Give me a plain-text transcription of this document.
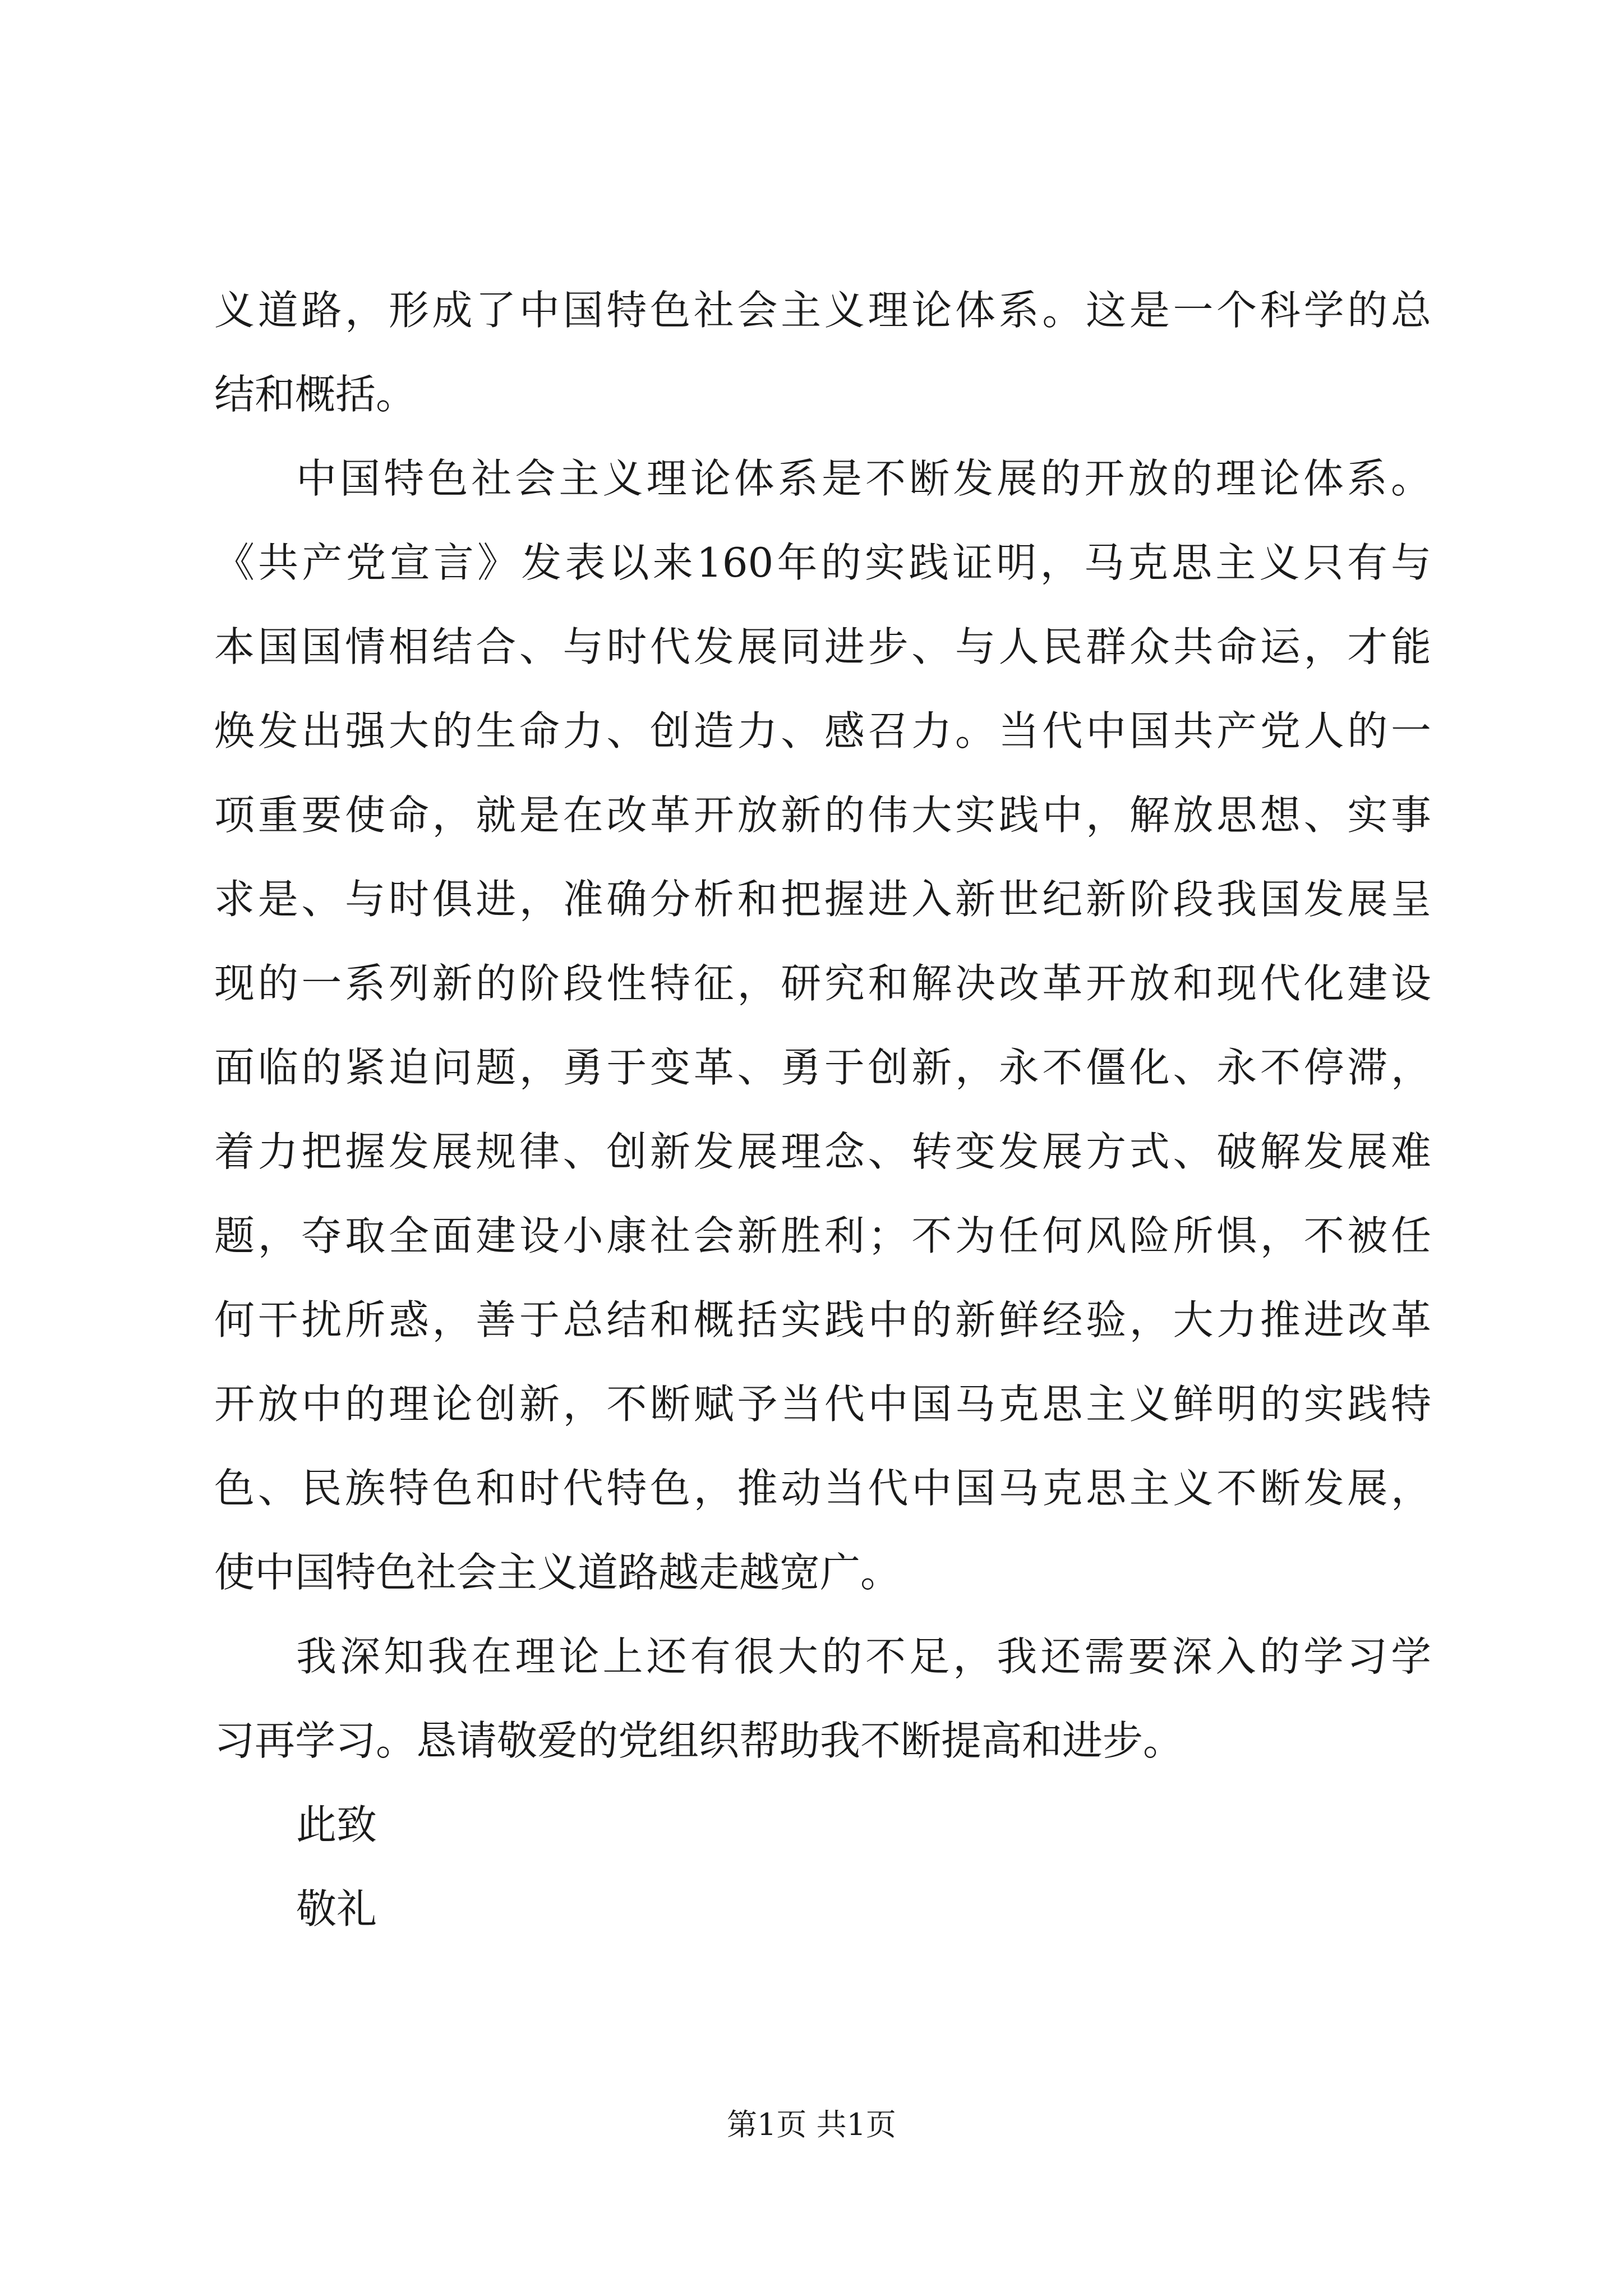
义道路，形成了中国特色社会主义理论体系。这是一个科学的总
结和概括。
中国特色社会主义理论体系是不断发展的开放的理论体系。
《共产党宣言》发表以来160年的实践证明，马克思主义只有与
本国国情相结合、与时代发展同进步、与人民群众共命运，才能
焕发出强大的生命力、创造力、感召力。当代中国共产党人的一
项重要使命，就是在改革开放新的伟大实践中，解放思想、实事
求是、与时俱进，准确分析和把握进入新世纪新阶段我国发展呈
现的一系列新的阶段性特征，研究和解决改革开放和现代化建设
面临的紧迫问题，勇于变革、勇于创新，永不僵化、永不停滞，
着力把握发展规律、创新发展理念、转变发展方式、破解发展难
题，夺取全面建设小康社会新胜利；不为任何风险所惧，不被任
何干扰所惑，善于总结和概括实践中的新鲜经验，大力推进改革
开放中的理论创新，不断赋予当代中国马克思主义鲜明的实践特
色、民族特色和时代特色，推动当代中国马克思主义不断发展，
使中国特色社会主义道路越走越宽广。
我深知我在理论上还有很大的不足，我还需要深入的学习学
习再学习。恳请敬爱的党组织帮助我不断提高和进步。
此致
敬礼
第1页 共1页
